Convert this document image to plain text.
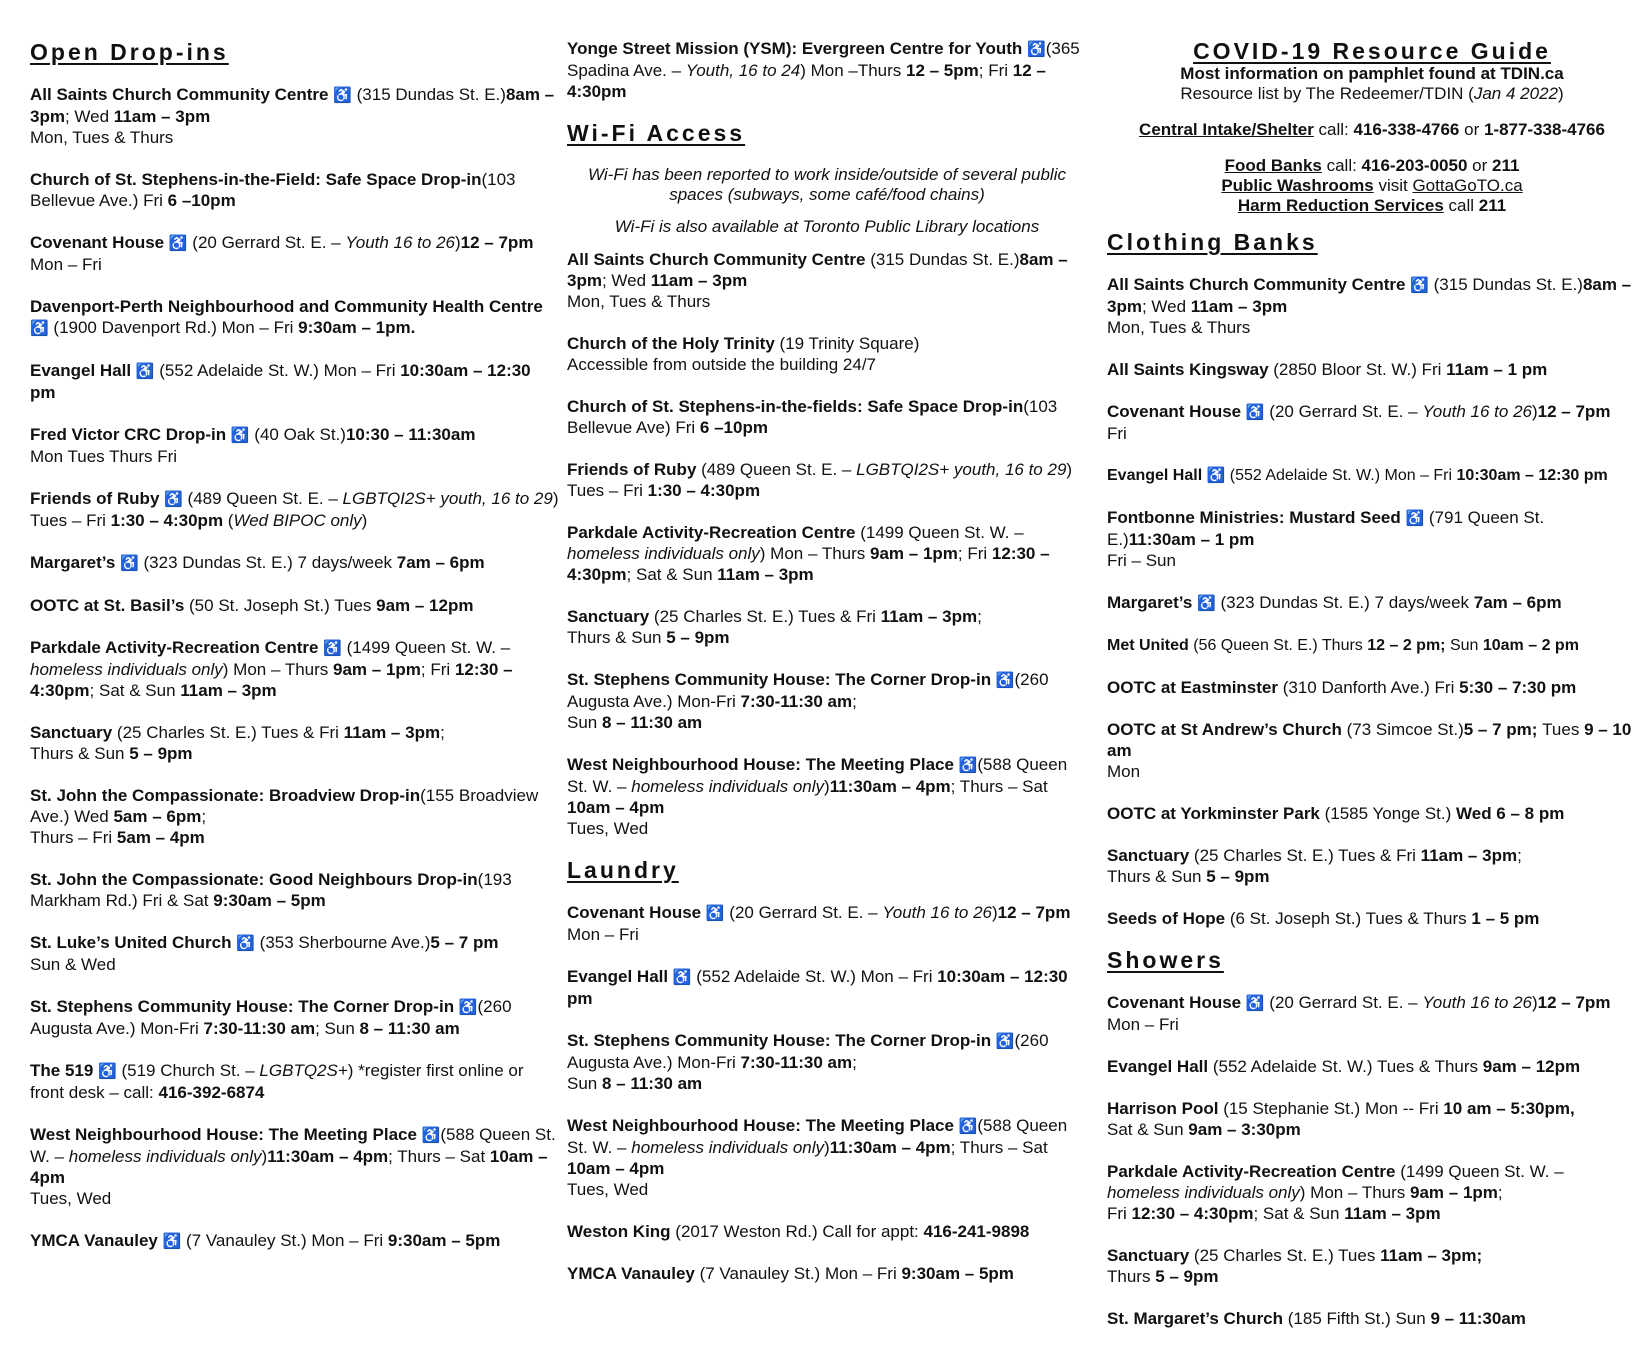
Open Drop-ins
All Saints Church Community Centre ♿ (315 Dundas St. E.)8am – 3pm; Wed 11am – 3pm
Mon, Tues & Thurs
Church of St. Stephens-in-the-Field: Safe Space Drop-in(103 Bellevue Ave.) Fri 6 –10pm
Covenant House ♿ (20 Gerrard St. E. – Youth 16 to 26)12 – 7pm
Mon – Fri
Davenport-Perth Neighbourhood and Community Health Centre ♿ (1900 Davenport Rd.) Mon – Fri 9:30am – 1pm.
Evangel Hall ♿ (552 Adelaide St. W.) Mon – Fri 10:30am – 12:30 pm
Fred Victor CRC Drop-in ♿ (40 Oak St.)10:30 – 11:30am
Mon Tues Thurs Fri
Friends of Ruby ♿ (489 Queen St. E. – LGBTQI2S+ youth, 16 to 29) Tues – Fri 1:30 – 4:30pm (Wed BIPOC only)
Margaret’s ♿ (323 Dundas St. E.) 7 days/week 7am – 6pm
OOTC at St. Basil’s (50 St. Joseph St.) Tues 9am – 12pm
Parkdale Activity-Recreation Centre ♿ (1499 Queen St. W. – homeless individuals only) Mon – Thurs 9am – 1pm; Fri 12:30 – 4:30pm; Sat & Sun 11am – 3pm
Sanctuary (25 Charles St. E.) Tues & Fri 11am – 3pm;
Thurs & Sun 5 – 9pm
St. John the Compassionate: Broadview Drop-in(155 Broadview Ave.) Wed 5am – 6pm;
Thurs – Fri 5am – 4pm
St. John the Compassionate: Good Neighbours Drop-in(193 Markham Rd.) Fri & Sat 9:30am – 5pm
St. Luke’s United Church ♿ (353 Sherbourne Ave.)5 – 7 pm
Sun & Wed
St. Stephens Community House: The Corner Drop-in ♿(260 Augusta Ave.) Mon-Fri 7:30-11:30 am; Sun 8 – 11:30 am
The 519 ♿ (519 Church St. – LGBTQ2S+) *register first online or front desk – call: 416-392-6874
West Neighbourhood House: The Meeting Place ♿(588 Queen St. W. – homeless individuals only)11:30am – 4pm; Thurs – Sat 10am – 4pm
Tues, Wed
YMCA Vanauley ♿ (7 Vanauley St.) Mon – Fri 9:30am – 5pm
Yonge Street Mission (YSM): Evergreen Centre for Youth ♿(365 Spadina Ave. – Youth, 16 to 24) Mon –Thurs 12 – 5pm; Fri 12 – 4:30pm
Wi-Fi Access
Wi-Fi has been reported to work inside/outside of several public spaces (subways, some café/food chains)
Wi-Fi is also available at Toronto Public Library locations
All Saints Church Community Centre (315 Dundas St. E.)8am – 3pm; Wed 11am – 3pm
Mon, Tues & Thurs
Church of the Holy Trinity (19 Trinity Square)
Accessible from outside the building 24/7
Church of St. Stephens-in-the-fields: Safe Space Drop-in(103 Bellevue Ave) Fri 6 –10pm
Friends of Ruby (489 Queen St. E. – LGBTQI2S+ youth, 16 to 29) Tues – Fri 1:30 – 4:30pm
Parkdale Activity-Recreation Centre (1499 Queen St. W. – homeless individuals only) Mon – Thurs 9am – 1pm; Fri 12:30 – 4:30pm; Sat & Sun 11am – 3pm
Sanctuary (25 Charles St. E.) Tues & Fri 11am – 3pm;
Thurs & Sun 5 – 9pm
St. Stephens Community House: The Corner Drop-in ♿(260 Augusta Ave.) Mon-Fri 7:30-11:30 am;
Sun 8 – 11:30 am
West Neighbourhood House: The Meeting Place ♿(588 Queen St. W. – homeless individuals only)11:30am – 4pm; Thurs – Sat 10am – 4pm
Tues, Wed
Laundry
Covenant House ♿ (20 Gerrard St. E. – Youth 16 to 26)12 – 7pm
Mon – Fri
Evangel Hall ♿ (552 Adelaide St. W.) Mon – Fri 10:30am – 12:30 pm
St. Stephens Community House: The Corner Drop-in ♿(260 Augusta Ave.) Mon-Fri 7:30-11:30 am;
Sun 8 – 11:30 am
West Neighbourhood House: The Meeting Place ♿(588 Queen St. W. – homeless individuals only)11:30am – 4pm; Thurs – Sat 10am – 4pm
Tues, Wed
Weston King (2017 Weston Rd.) Call for appt: 416-241-9898
YMCA Vanauley (7 Vanauley St.) Mon – Fri 9:30am – 5pm
COVID-19 Resource Guide
Most information on pamphlet found at TDIN.ca
Resource list by The Redeemer/TDIN (Jan 4 2022)
Central Intake/Shelter call: 416-338-4766 or 1-877-338-4766
Food Banks call: 416-203-0050 or 211
Public Washrooms visit GottaGoTO.ca
Harm Reduction Services call 211
Clothing Banks
All Saints Church Community Centre ♿ (315 Dundas St. E.)8am – 3pm; Wed 11am – 3pm
Mon, Tues & Thurs
All Saints Kingsway (2850 Bloor St. W.) Fri 11am – 1 pm
Covenant House ♿ (20 Gerrard St. E. – Youth 16 to 26)12 – 7pm
Fri
Evangel Hall ♿ (552 Adelaide St. W.) Mon – Fri 10:30am – 12:30 pm
Fontbonne Ministries: Mustard Seed ♿ (791 Queen St. E.)11:30am – 1 pm
Fri – Sun
Margaret’s ♿ (323 Dundas St. E.) 7 days/week 7am – 6pm
Met United (56 Queen St. E.) Thurs 12 – 2 pm; Sun 10am – 2 pm
OOTC at Eastminster (310 Danforth Ave.) Fri 5:30 – 7:30 pm
OOTC at St Andrew’s Church (73 Simcoe St.)5 – 7 pm; Tues 9 – 10 am
Mon
OOTC at Yorkminster Park (1585 Yonge St.) Wed 6 – 8 pm
Sanctuary (25 Charles St. E.) Tues & Fri 11am – 3pm;
Thurs & Sun 5 – 9pm
Seeds of Hope (6 St. Joseph St.) Tues & Thurs 1 – 5 pm
Showers
Covenant House ♿ (20 Gerrard St. E. – Youth 16 to 26)12 – 7pm
Mon – Fri
Evangel Hall (552 Adelaide St. W.) Tues & Thurs 9am – 12pm
Harrison Pool (15 Stephanie St.) Mon -- Fri 10 am – 5:30pm,
Sat & Sun 9am – 3:30pm
Parkdale Activity-Recreation Centre (1499 Queen St. W. – homeless individuals only) Mon – Thurs 9am – 1pm;
Fri 12:30 – 4:30pm; Sat & Sun 11am – 3pm
Sanctuary (25 Charles St. E.) Tues 11am – 3pm;
Thurs 5 – 9pm
St. Margaret’s Church (185 Fifth St.) Sun 9 – 11:30am
